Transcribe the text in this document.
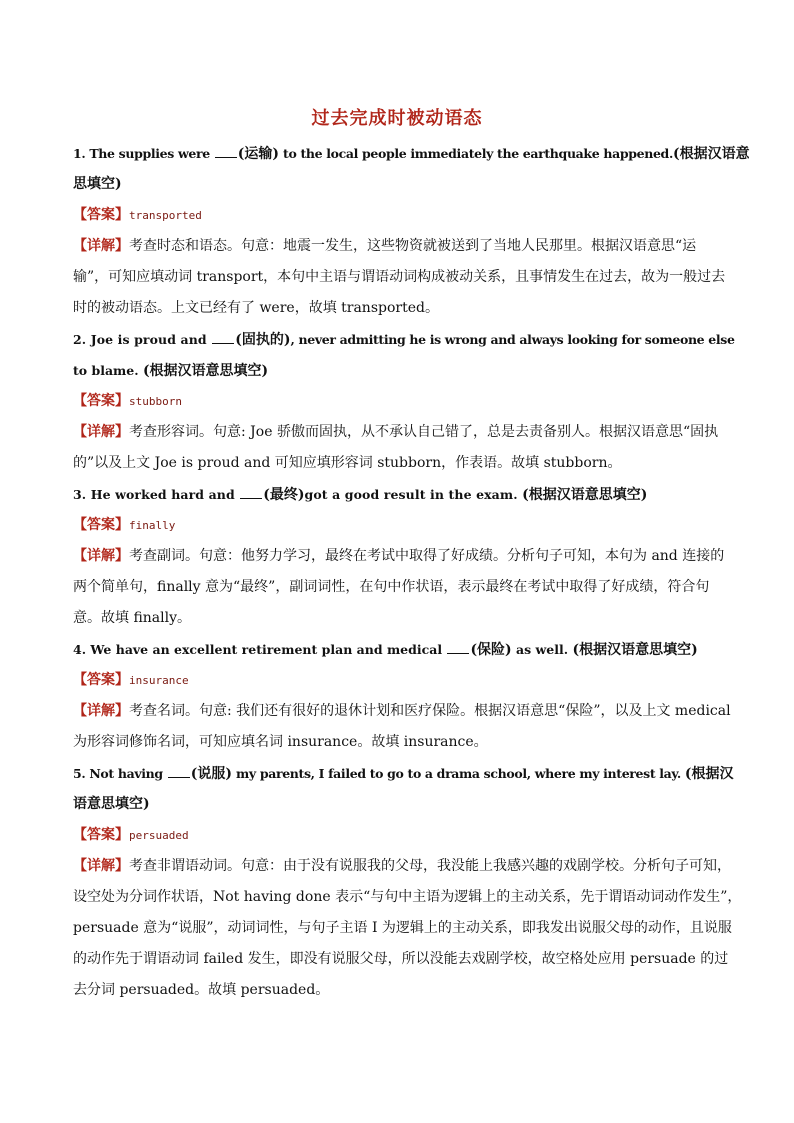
过去完成时被动语态
1. The supplies were (运输) to the local people immediately the earthquake happened.(根据汉语意
思填空)
【答案】transported
【详解】考查时态和语态。句意：地震一发生，这些物资就被送到了当地人民那里。根据汉语意思“运
输”，可知应填动词 transport，本句中主语与谓语动词构成被动关系，且事情发生在过去，故为一般过去
时的被动语态。上文已经有了 were，故填 transported。
2. Joe is proud and (固执的), never admitting he is wrong and always looking for someone else
to blame. (根据汉语意思填空)
【答案】stubborn
【详解】考查形容词。句意: Joe 骄傲而固执，从不承认自己错了，总是去责备别人。根据汉语意思“固执
的”以及上文 Joe is proud and 可知应填形容词 stubborn，作表语。故填 stubborn。
3. He worked hard and (最终)got a good result in the exam. (根据汉语意思填空)
【答案】finally
【详解】考查副词。句意：他努力学习，最终在考试中取得了好成绩。分析句子可知，本句为 and 连接的
两个简单句，finally 意为“最终”，副词词性，在句中作状语，表示最终在考试中取得了好成绩，符合句
意。故填 finally。
4. We have an excellent retirement plan and medical (保险) as well. (根据汉语意思填空)
【答案】insurance
【详解】考查名词。句意: 我们还有很好的退休计划和医疗保险。根据汉语意思“保险”，以及上文 medical
为形容词修饰名词，可知应填名词 insurance。故填 insurance。
5. Not having (说服) my parents, I failed to go to a drama school, where my interest lay. (根据汉
语意思填空)
【答案】persuaded
【详解】考查非谓语动词。句意：由于没有说服我的父母，我没能上我感兴趣的戏剧学校。分析句子可知，
设空处为分词作状语，Not having done 表示“与句中主语为逻辑上的主动关系，先于谓语动词动作发生”，
persuade 意为“说服”，动词词性，与句子主语 I 为逻辑上的主动关系，即我发出说服父母的动作，且说服
的动作先于谓语动词 failed 发生，即没有说服父母，所以没能去戏剧学校，故空格处应用 persuade 的过
去分词 persuaded。故填 persuaded。
